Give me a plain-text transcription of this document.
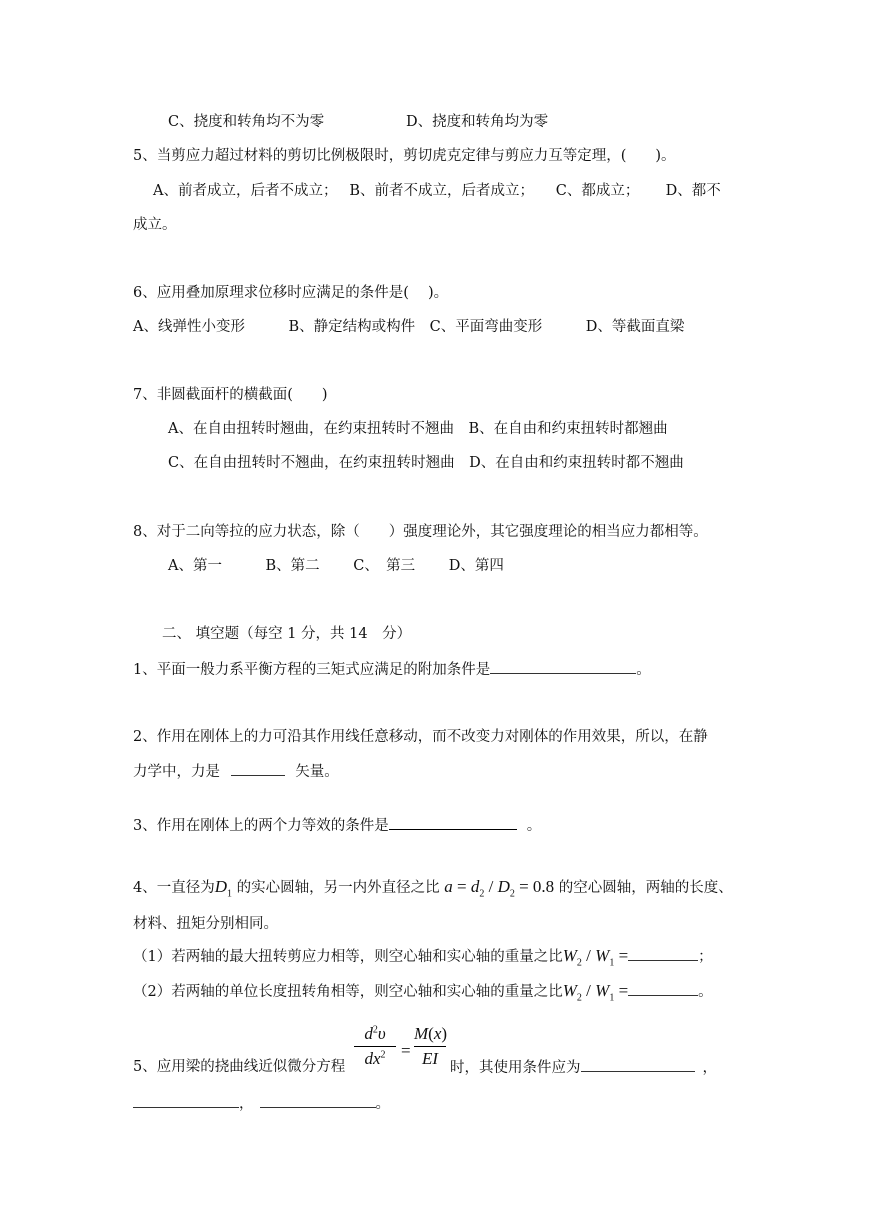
C、挠度和转角均不为零	D、挠度和转角均为零
5、当剪应力超过材料的剪切比例极限时，剪切虎克定律与剪应力互等定理，(　　)。
A、前者成立，后者不成立；　 B、前者不成立，后者成立；　　C、都成立；　　 D、都不
成立。
6、应用叠加原理求位移时应满足的条件是(　 )。
A、线弹性小变形　　　B、静定结构或构件　C、平面弯曲变形　　　D、等截面直梁
7、非圆截面杆的横截面(　　)
A、在自由扭转时翘曲，在约束扭转时不翘曲　B、在自由和约束扭转时都翘曲
C、在自由扭转时不翘曲，在约束扭转时翘曲　D、在自由和约束扭转时都不翘曲
8、对于二向等拉的应力状态，除（　　）强度理论外，其它强度理论的相当应力都相等。
A、第一　　　B、第二　　 C、　第三　　 D、第四
二、 填空题（每空 1 分，共 14　分）
1、平面一般力系平衡方程的三矩式应满足的附加条件是	。
2、作用在刚体上的力可沿其作用线任意移动，而不改变力对刚体的作用效果，所以，在静
力学中，力是	矢量。
3、作用在刚体上的两个力等效的条件是	。
4、一直径为$D_1$ 的实心圆轴，另一内外直径之比 $a = d_2 / D_2 = 0.8$ 的空心圆轴，两轴的长度、
材料、扭矩分别相同。
（1）若两轴的最大扭转剪应力相等，则空心轴和实心轴的重量之比$W_2 / W_1$ =	；
（2）若两轴的单位长度扭转角相等，则空心轴和实心轴的重量之比$W_2 / W_1$ =	。
$d^2\upsilon$
$dx^2$ =
M(x)
EI
5、应用梁的挠曲线近似微分方程	时，其使用条件应为	，
，	。
